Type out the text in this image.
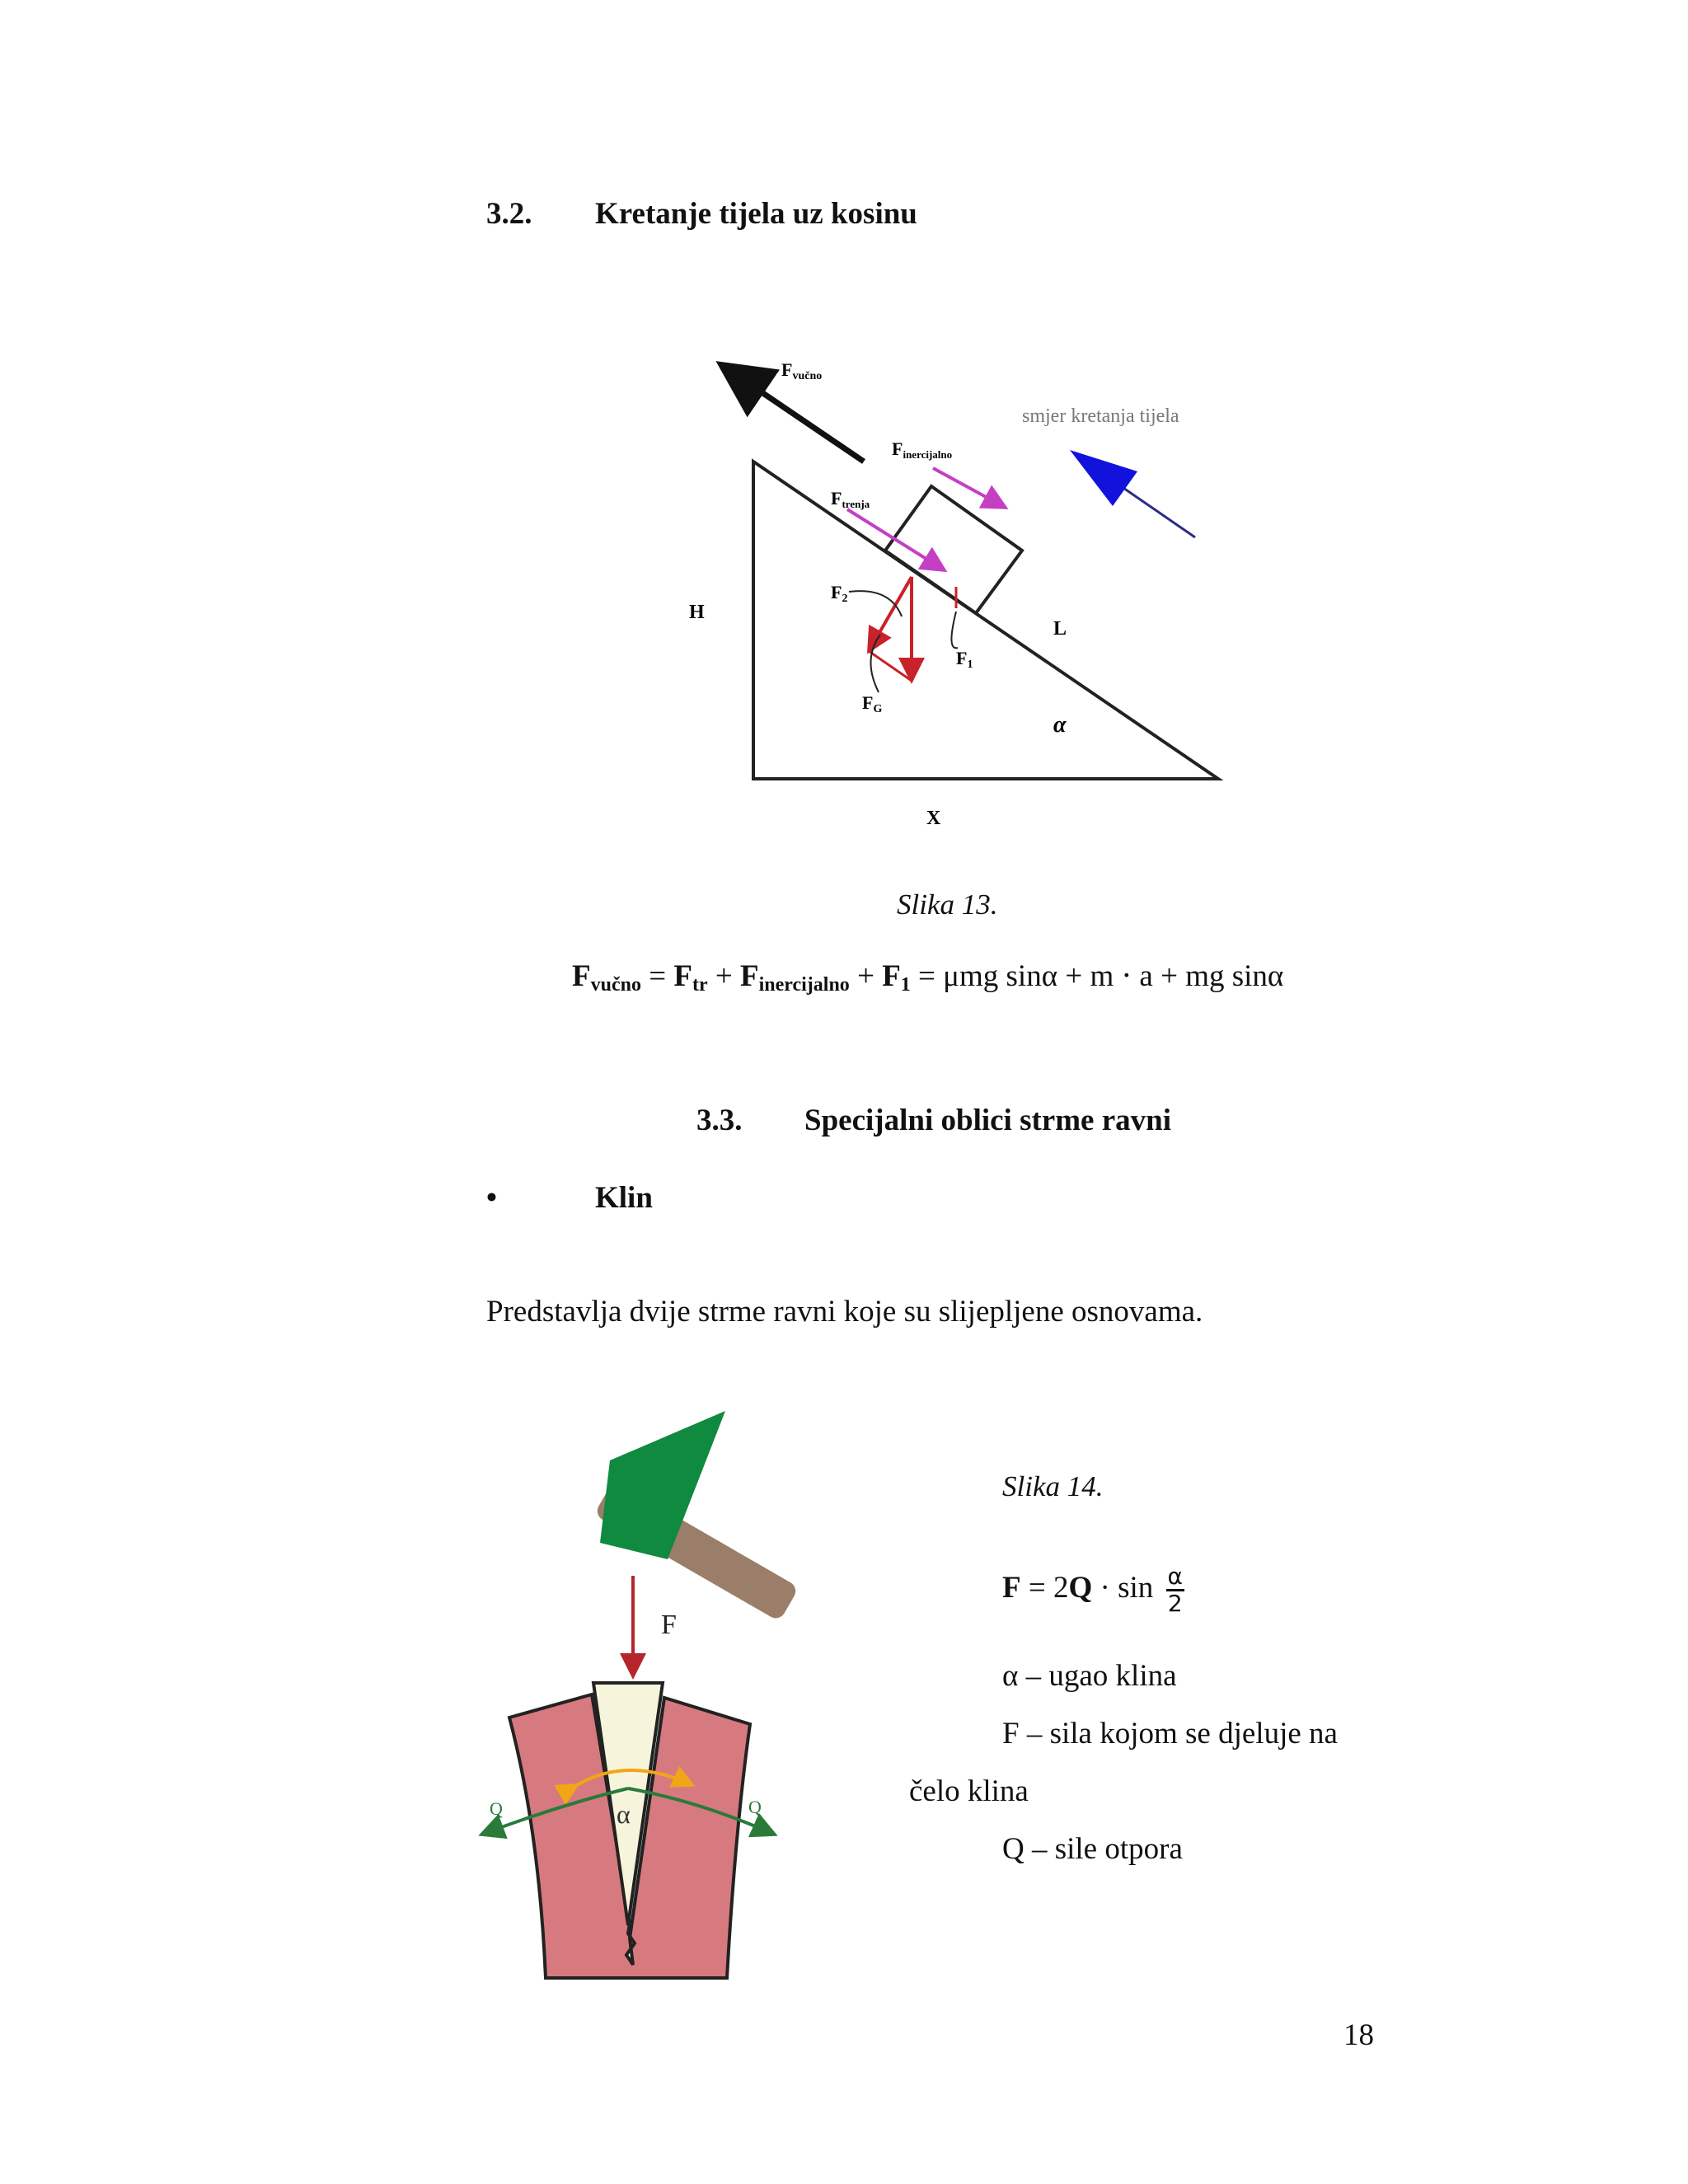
3.2. Kretanje tijela uz kosinu
Fvučno
smjer kretanja tijela
Finercijalno
Ftrenja
F2
F1
FG
H
L
α
X
Slika 13.
$F_{vučno} = F_{tr} + F_{inercijalno} + F_1 = \mu mg$ sinα + m ⋅ a + mg sinα
3.3. Specijalni oblici strme ravni
•	Klin
Predstavlja dvije strme ravni koje su slijepljene osnovama.
F
Q	Q
α
Slika 14.
$F = 2Q \cdot \sin \frac{\alpha}{2}$
α – ugao klina
F – sila kojom se djeluje na
čelo klina
Q – sile otpora
18
